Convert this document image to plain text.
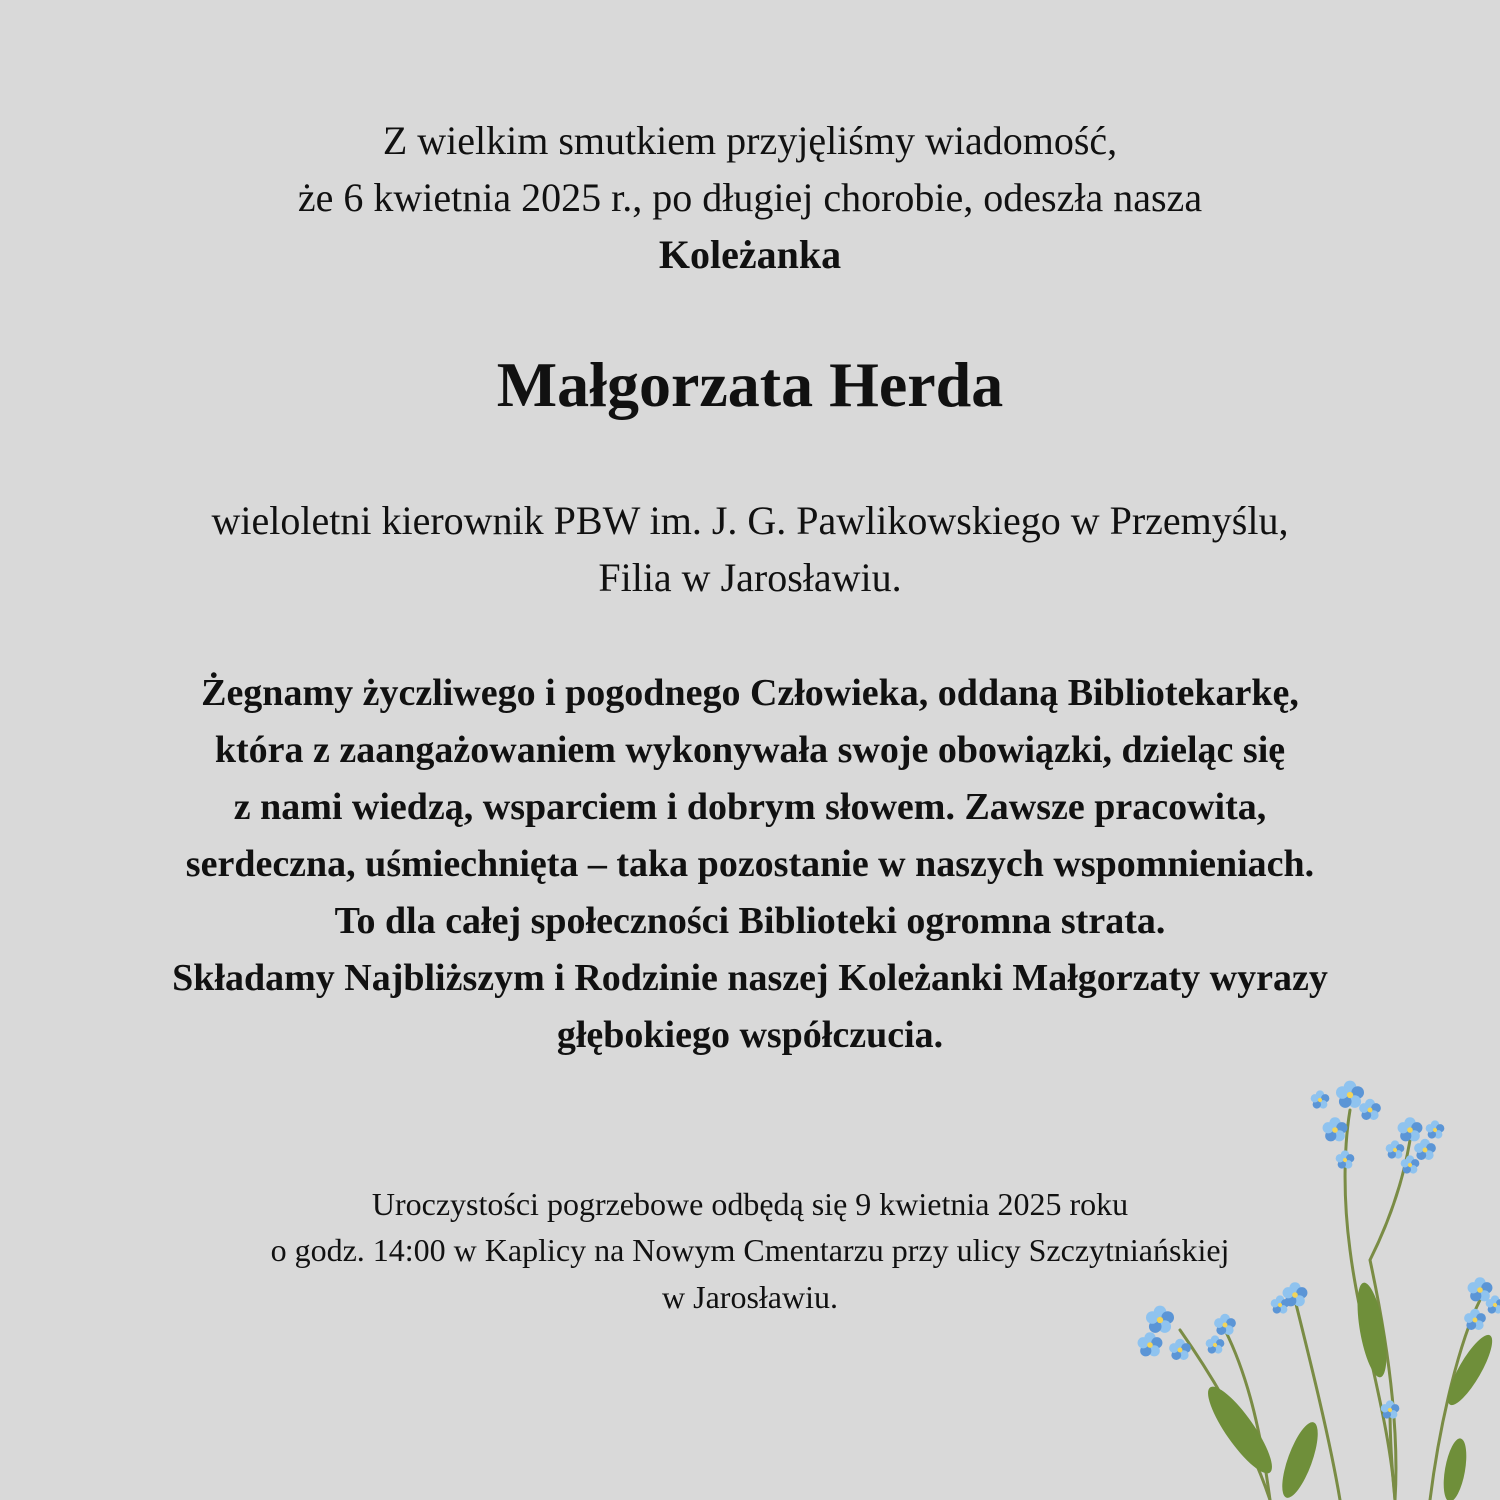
Z wielkim smutkiem przyjęliśmy wiadomość,
że 6 kwietnia 2025 r., po długiej chorobie, odeszła nasza
Koleżanka
Małgorzata Herda
wieloletni kierownik PBW im. J. G. Pawlikowskiego w Przemyślu,
Filia w Jarosławiu.
Żegnamy życzliwego i pogodnego Człowieka, oddaną Bibliotekarkę,
która z zaangażowaniem wykonywała swoje obowiązki, dzieląc się
z nami wiedzą, wsparciem i dobrym słowem. Zawsze pracowita,
serdeczna, uśmiechnięta – taka pozostanie w naszych wspomnieniach.
To dla całej społeczności Biblioteki ogromna strata.
Składamy Najbliższym i Rodzinie naszej Koleżanki Małgorzaty wyrazy
głębokiego współczucia.
Uroczystości pogrzebowe odbędą się 9 kwietnia 2025 roku
o godz. 14:00 w Kaplicy na Nowym Cmentarzu przy ulicy Szczytniańskiej
w Jarosławiu.
